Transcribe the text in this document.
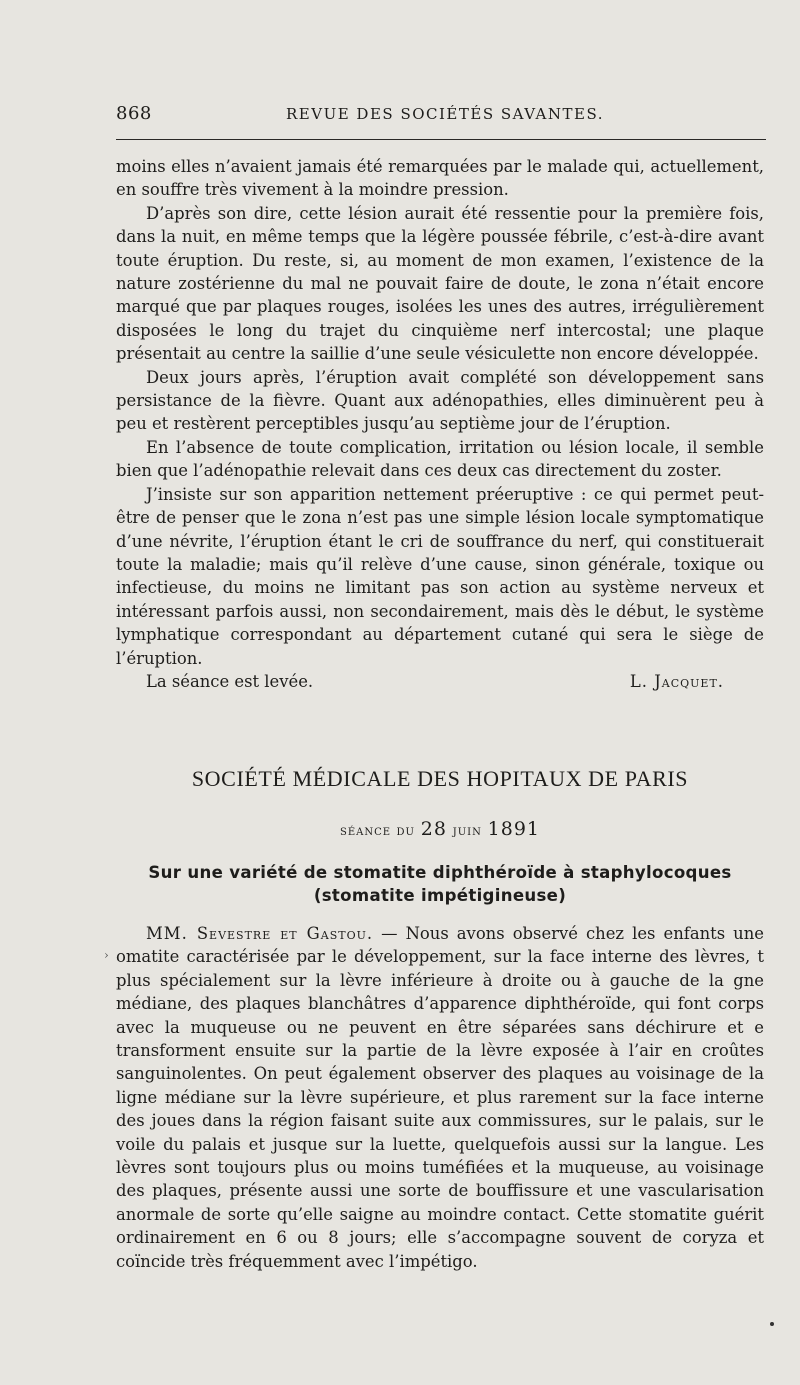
868	REVUE DES SOCIÉTÉS SAVANTES.

moins elles n’avaient jamais été remarquées par le malade qui, actuellement, en souffre très vivement à la moindre pression.

D’après son dire, cette lésion aurait été ressentie pour la première fois, dans la nuit, en même temps que la légère poussée fébrile, c’est-à-dire avant toute éruption. Du reste, si, au moment de mon examen, l’existence de la nature zostérienne du mal ne pouvait faire de doute, le zona n’était encore marqué que par plaques rouges, isolées les unes des autres, irrégulièrement disposées le long du trajet du cinquième nerf intercostal; une plaque présentait au centre la saillie d’une seule vésiculette non encore développée.

Deux jours après, l’éruption avait complété son développement sans persistance de la fièvre. Quant aux adénopathies, elles diminuèrent peu à peu et restèrent perceptibles jusqu’au septième jour de l’éruption.

En l’absence de toute complication, irritation ou lésion locale, il semble bien que l’adénopathie relevait dans ces deux cas directement du zoster.

J’insiste sur son apparition nettement préeruptive : ce qui permet peut-être de penser que le zona n’est pas une simple lésion locale symptomatique d’une névrite, l’éruption étant le cri de souffrance du nerf, qui constituerait toute la maladie; mais qu’il relève d’une cause, sinon générale, toxique ou infectieuse, du moins ne limitant pas son action au système nerveux et intéressant parfois aussi, non secondairement, mais dès le début, le système lymphatique correspondant au département cutané qui sera le siège de l’éruption.

La séance est levée.	L. Jacquet.

SOCIÉTÉ MÉDICALE DES HOPITAUX DE PARIS
séance du 28 juin 1891
Sur une variété de stomatite diphthéroïde à staphylocoques
(stomatite impétigineuse)
›

MM. Sevestre et Gastou. — Nous avons observé chez les enfants une omatite caractérisée par le développement, sur la face interne des lèvres, t plus spécialement sur la lèvre inférieure à droite ou à gauche de la gne médiane, des plaques blanchâtres d’apparence diphthéroïde, qui font corps avec la muqueuse ou ne peuvent en être séparées sans déchirure et e transforment ensuite sur la partie de la lèvre exposée à l’air en croûtes sanguinolentes. On peut également observer des plaques au voisinage de la ligne médiane sur la lèvre supérieure, et plus rarement sur la face interne des joues dans la région faisant suite aux commissures, sur le palais, sur le voile du palais et jusque sur la luette, quelquefois aussi sur la langue. Les lèvres sont toujours plus ou moins tuméfiées et la muqueuse, au voisinage des plaques, présente aussi une sorte de bouffissure et une vascularisation anormale de sorte qu’elle saigne au moindre contact. Cette stomatite guérit ordinairement en 6 ou 8 jours; elle s’accompagne souvent de coryza et coïncide très fréquemment avec l’impétigo.
